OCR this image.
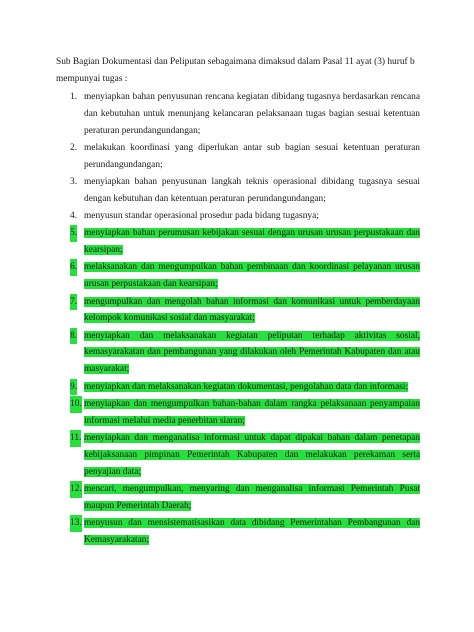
Sub Bagian Dokumentasi dan Peliputan sebagaimana dimaksud dalam Pasal 11 ayat (3) huruf b
mempunyai tugas :

1. menyiapkan bahan penyusunan rencana kegiatan dibidang tugasnya berdasarkan rencana dan kebutuhan untuk menunjang kelancaran pelaksanaan tugas bagian sesuai ketentuan peraturan perundangundangan;
2. melakukan koordinasi yang diperlukan antar sub bagian sesuai ketentuan peraturan perundangundangan;
3. menyiapkan bahan penyusunan langkah teknis operasional dibidang tugasnya sesuai dengan kebutuhan dan ketentuan peraturan perundangundangan;
4. menyusun standar operasional prosedur pada bidang tugasnya;
5. menyiapkan bahan perumusan kebijakan sesuai dengan urusan urusan perpustakaan dan kearsipan;
6. melaksanakan dan mengumpulkan bahan pembinaan dan koordinasi pelayanan urusan urusan perpustakaan dan kearsipan;
7. mengumpulkan dan mengolah bahan informasi dan komunikasi untuk pemberdayaan kelompok komunikasi sosial dan masyarakat;
8. menyiapkan dan melaksanakan kegiatan peliputan terhadap aktivitas sosial, kemasyarakatan dan pembangunan yang dilakukan oleh Pemerintah Kabupaten dan atau masyarakat;
9. menyiapkan dan melaksanakan kegiatan dokumentasi, pengolahan data dan informasi;
10. menyiapkan dan mengumpulkan bahan-bahan dalam rangka pelaksanaan penyampaian informasi melalui media penerbitan siaran;
11. menyiapkan dan menganalisa informasi untuk dapat dipakai bahan dalam penetapan kebijaksanaan pimpinan Pemerintah Kabupaten dan melakukan perekaman serta penyajian data;
12. mencari, mengumpulkan, menyaring dan menganalisa informasi Pemerintah Pusat maupun Pemerintah Daerah;
13. menyusun dan mensistematisasikan data dibidang Pemerintahan Pembangunan dan Kemasyarakatan;
